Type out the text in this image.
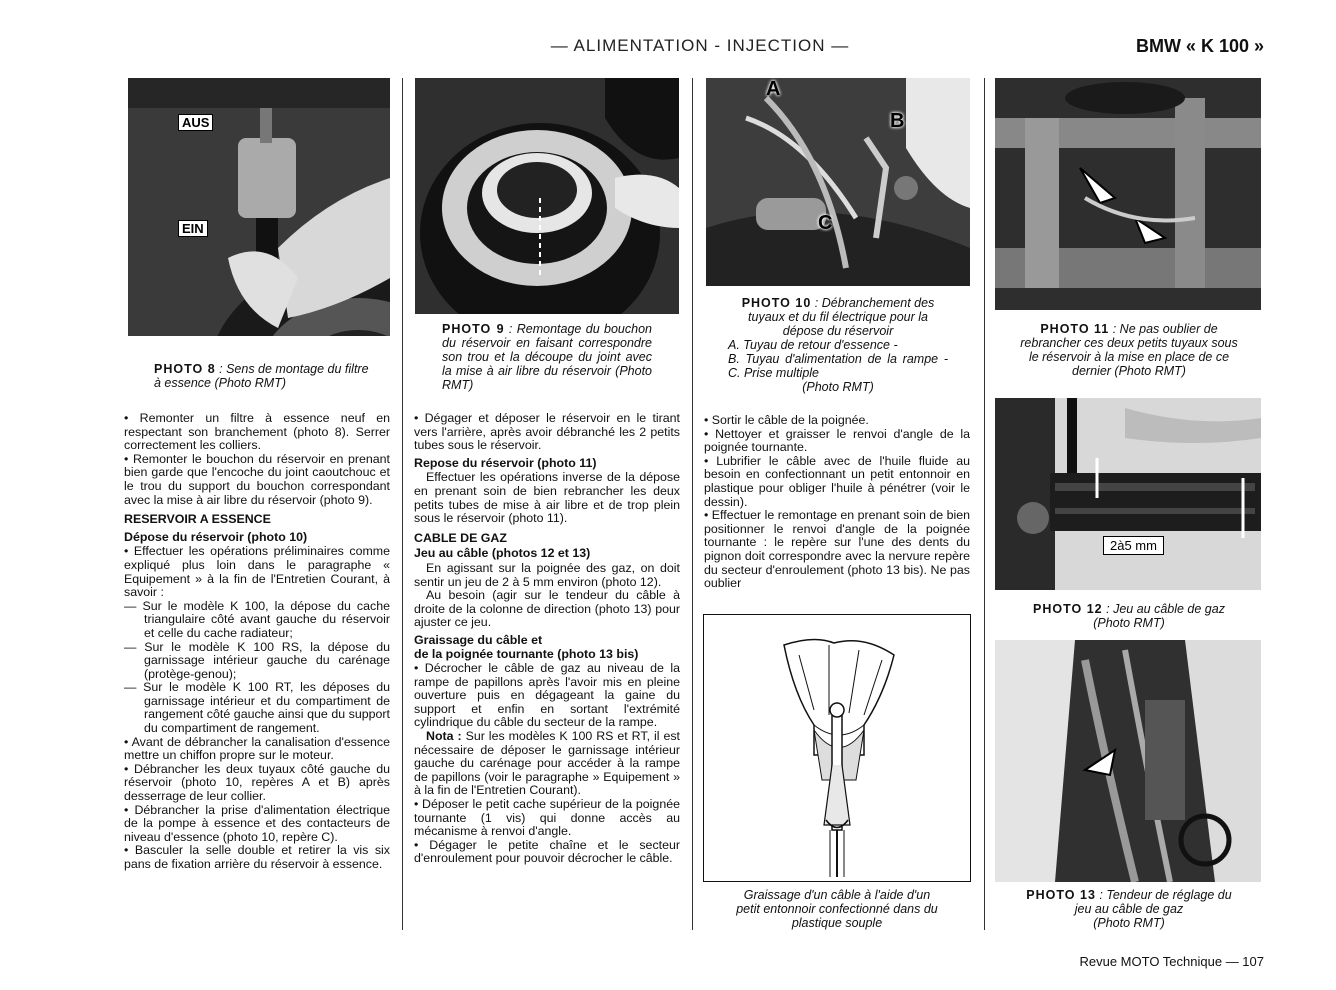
— ALIMENTATION - INJECTION —	BMW « K 100 »
AUS
EIN
PHOTO 8 : Sens de montage du filtre à essence (Photo RMT)
PHOTO 9 : Remontage du bouchon du réservoir en faisant correspondre son trou et la découpe du joint avec la mise à air libre du réservoir (Photo RMT)
A
B
C
PHOTO 10 : Débranchement des tuyaux et du fil électrique pour la dépose du réservoir
A. Tuyau de retour d'essence -
B. Tuyau d'alimentation de la rampe - C. Prise multiple
(Photo RMT)
PHOTO 11 : Ne pas oublier de rebrancher ces deux petits tuyaux sous le réservoir à la mise en place de ce dernier (Photo RMT)
2à5 mm
PHOTO 12 : Jeu au câble de gaz
(Photo RMT)
PHOTO 13 : Tendeur de réglage du jeu au câble de gaz
(Photo RMT)
Graissage d'un câble à l'aide d'un petit entonnoir confectionné dans du plastique souple

• Remonter un filtre à essence neuf en respectant son branchement (photo 8). Serrer correctement les colliers.

• Remonter le bouchon du réservoir en prenant bien garde que l'encoche du joint caoutchouc et le trou du support du bouchon correspondant avec la mise à air libre du réservoir (photo 9).

RESERVOIR A ESSENCE
Dépose du réservoir (photo 10)

• Effectuer les opérations préliminaires comme expliqué plus loin dans le paragraphe « Equipement » à la fin de l'Entretien Courant, à savoir :

— Sur le modèle K 100, la dépose du cache triangulaire côté avant gauche du réservoir et celle du cache radiateur;

— Sur le modèle K 100 RS, la dépose du garnissage intérieur gauche du carénage (protège-genou);

— Sur le modèle K 100 RT, les déposes du garnissage intérieur et du compartiment de rangement côté gauche ainsi que du support du compartiment de rangement.

• Avant de débrancher la canalisation d'essence mettre un chiffon propre sur le moteur.

• Débrancher les deux tuyaux côté gauche du réservoir (photo 10, repères A et B) après desserrage de leur collier.

• Débrancher la prise d'alimentation électrique de la pompe à essence et des contacteurs de niveau d'essence (photo 10, repère C).

• Basculer la selle double et retirer la vis six pans de fixation arrière du réservoir à essence.

• Dégager et déposer le réservoir en le tirant vers l'arrière, après avoir débranché les 2 petits tubes sous le réservoir.

Repose du réservoir (photo 11)

Effectuer les opérations inverse de la dépose en prenant soin de bien rebrancher les deux petits tubes de mise à air libre et de trop plein sous le réservoir (photo 11).

CABLE DE GAZ
Jeu au câble (photos 12 et 13)

En agissant sur la poignée des gaz, on doit sentir un jeu de 2 à 5 mm environ (photo 12).

Au besoin (agir sur le tendeur du câble à droite de la colonne de direction (photo 13) pour ajuster ce jeu.

Graissage du câble et
de la poignée tournante (photo 13 bis)

• Décrocher le câble de gaz au niveau de la rampe de papillons après l'avoir mis en pleine ouverture puis en dégageant la gaine du support et enfin en sortant l'extrémité cylindrique du câble du secteur de la rampe.

Nota : Sur les modèles K 100 RS et RT, il est nécessaire de déposer le garnissage intérieur gauche du carénage pour accéder à la rampe de papillons (voir le paragraphe » Equipement » à la fin de l'Entretien Courant).

• Déposer le petit cache supérieur de la poignée tournante (1 vis) qui donne accès au mécanisme à renvoi d'angle.

• Dégager le petite chaîne et le secteur d'enroulement pour pouvoir décrocher le câble.

• Sortir le câble de la poignée.

• Nettoyer et graisser le renvoi d'angle de la poignée tournante.

• Lubrifier le câble avec de l'huile fluide au besoin en confectionnant un petit entonnoir en plastique pour obliger l'huile à pénétrer (voir le dessin).

• Effectuer le remontage en prenant soin de bien positionner le renvoi d'angle de la poignée tournante : le repère sur l'une des dents du pignon doit correspondre avec la nervure repère du secteur d'enroulement (photo 13 bis). Ne pas oublier

Revue MOTO Technique — 107
